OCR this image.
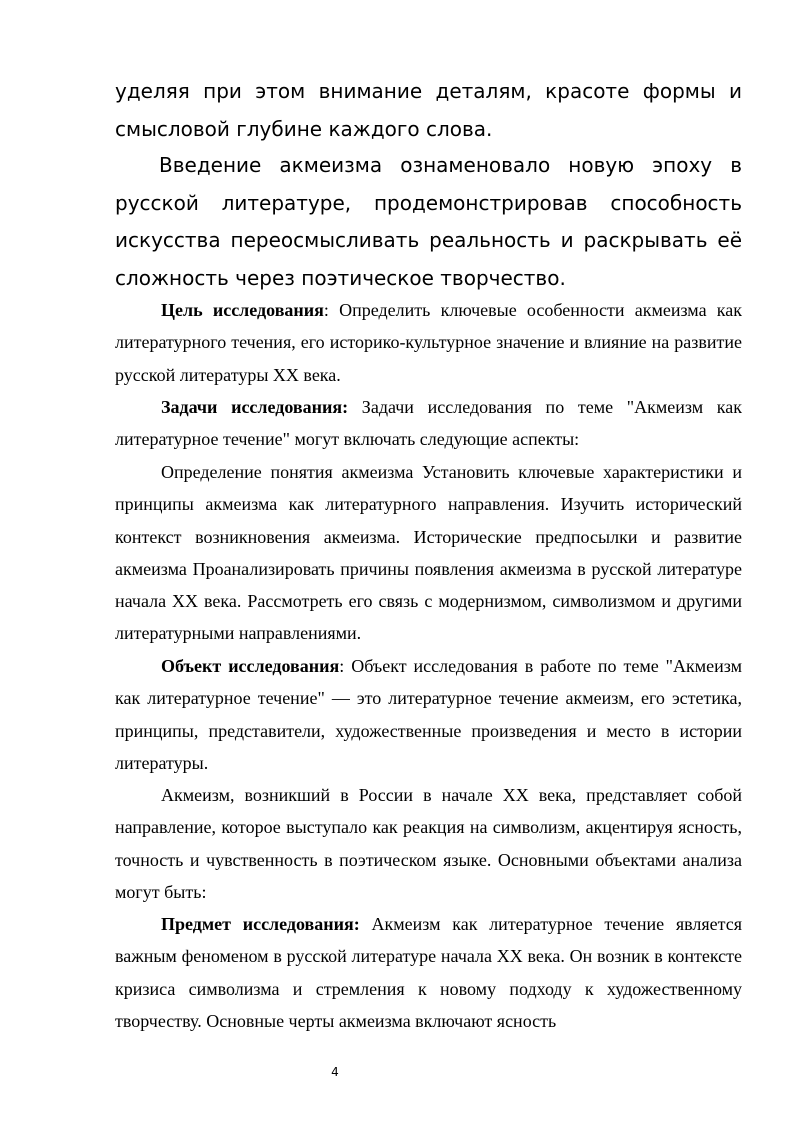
уделяя при этом внимание деталям, красоте формы и смысловой глубине каждого слова.

Введение акмеизма ознаменовало новую эпоху в русской литературе, продемонстрировав способность искусства переосмысливать реальность и раскрывать её сложность через поэтическое творчество.

Цель исследования: Определить ключевые особенности акмеизма как литературного течения, его историко-культурное значение и влияние на развитие русской литературы XX века.

Задачи исследования: Задачи исследования по теме "Акмеизм как литературное течение" могут включать следующие аспекты:

Определение понятия акмеизма Установить ключевые характеристики и принципы акмеизма как литературного направления. Изучить исторический контекст возникновения акмеизма. Исторические предпосылки и развитие акмеизма Проанализировать причины появления акмеизма в русской литературе начала XX века. Рассмотреть его связь с модернизмом, символизмом и другими литературными направлениями.

Объект исследования: Объект исследования в работе по теме "Акмеизм как литературное течение" — это литературное течение акмеизм, его эстетика, принципы, представители, художественные произведения и место в истории литературы.

Акмеизм, возникший в России в начале XX века, представляет собой направление, которое выступало как реакция на символизм, акцентируя ясность, точность и чувственность в поэтическом языке. Основными объектами анализа могут быть:

Предмет исследования: Акмеизм как литературное течение является важным феноменом в русской литературе начала XX века. Он возник в контексте кризиса символизма и стремления к новому подходу к художественному творчеству. Основные черты акмеизма включают ясность

4
